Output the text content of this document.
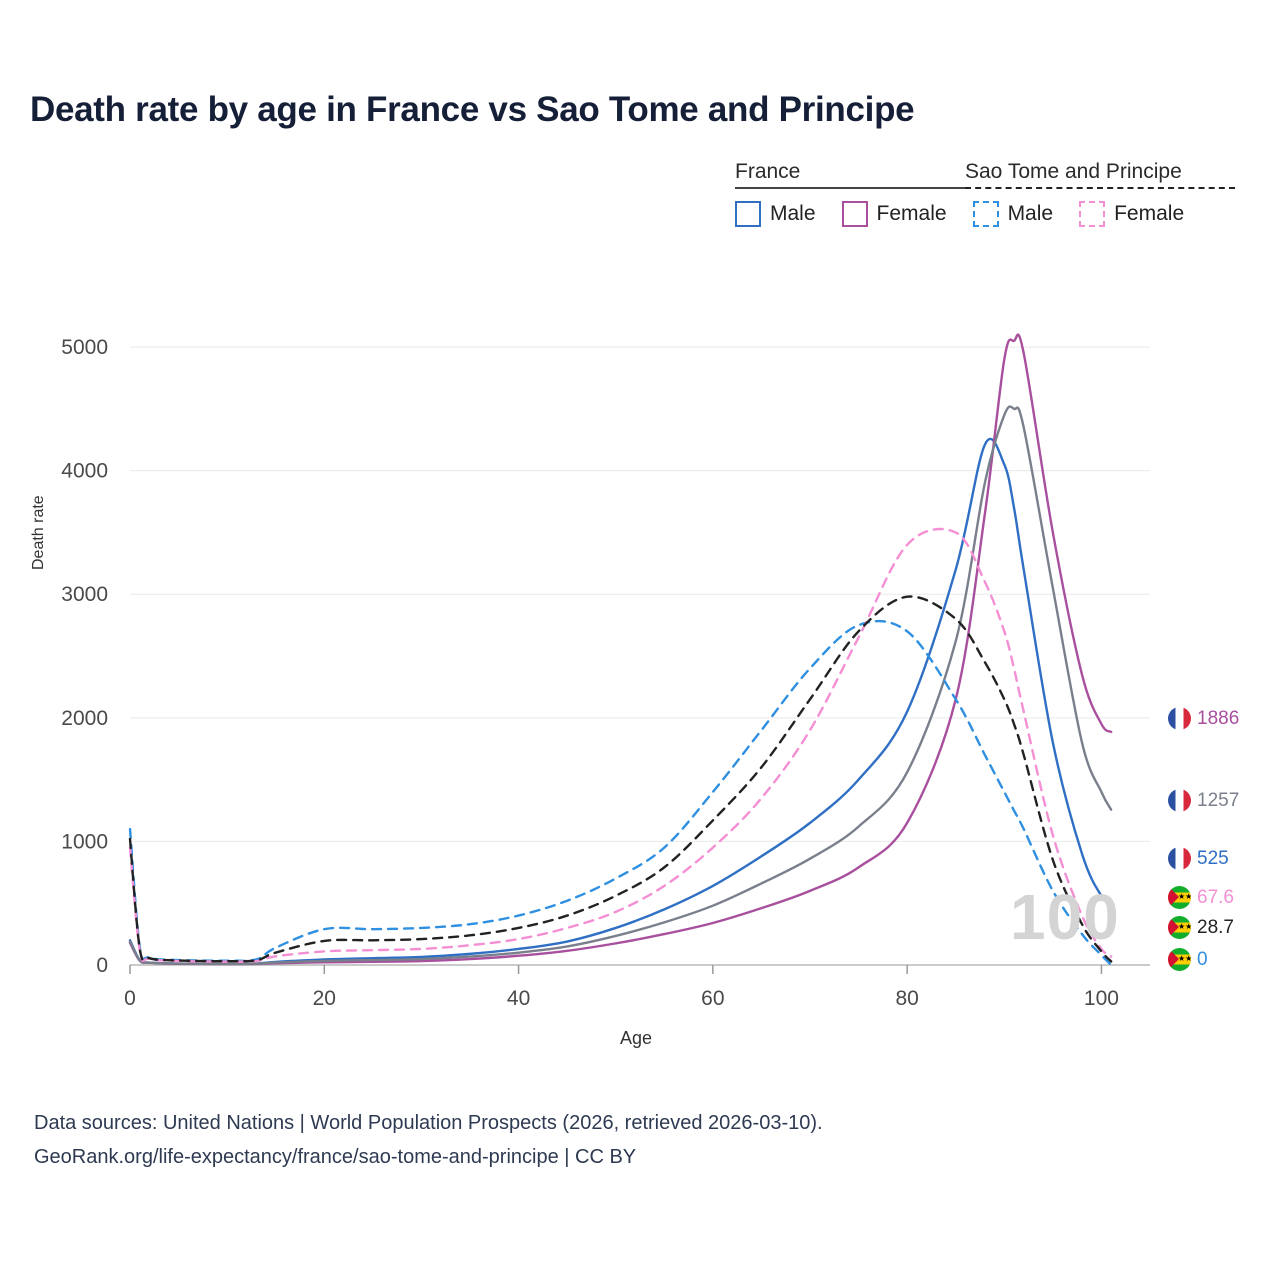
Death rate by age in France vs Sao Tome and Principe
France	Sao Tome and Principe
Male	Female	Male	Female
Death rate
Age
0
1000
2000
3000
4000
5000
0	20	40	60	80	100
100
1886
1257
525
★★
67.6
★★
28.7
★★
0
Data sources: United Nations | World Population Prospects (2026, retrieved 2026-03-10).
GeoRank.org/life-expectancy/france/sao-tome-and-principe | CC BY
